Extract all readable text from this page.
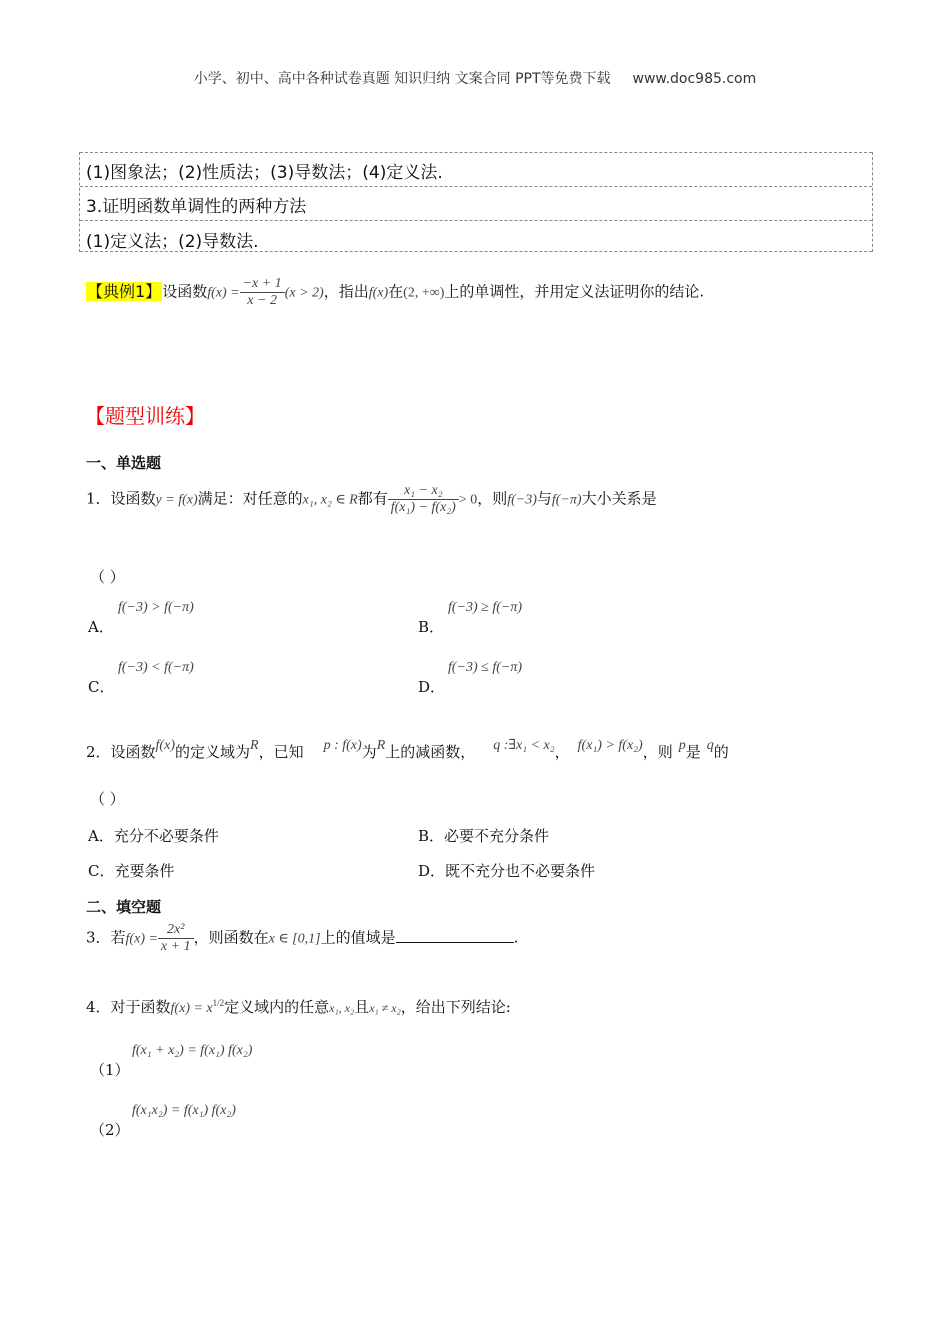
小学、初中、高中各种试卷真题 知识归纳 文案合同 PPT等免费下载 www.doc985.com
(1)图象法；(2)性质法；(3)导数法；(4)定义法.
3.证明函数单调性的两种方法
(1)定义法；(2)导数法.
【典例1】设函数$f(x) = \frac{-x + 1}{x - 2} (x > 2)$，指出f(x)在(2, +∞)上的单调性，并用定义法证明你的结论.
【题型训练】
一、单选题
1．设函数y = f(x)满足：对任意的x₁, x₂ ∈ R都有 $\frac{\text{x₁ − x₂}}{\text{f(x₁) − f(x₂)}} > 0$，则f(−3)与f(−π)大小关系是
（ ）
f(−3) > f(−π)
A．
f(−3) ≥ f(−π)
B．
f(−3) < f(−π)
C．
f(−3) ≤ f(−π)
D．
2．设函数f(x)的定义域为R，已知 p : f(x)为R上的减函数， q :∃x₁ < x₂， f(x₁) > f(x₂)，则 p是 q的
（ ）
A．充分不必要条件	B．必要不充分条件
C．充要条件	D．既不充分也不必要条件
二、填空题
3．若$f(x) = \frac{\text{2x²}}{x + 1}$ ，则函数在x ∈ [0,1]上的值域是	.
4．对于函数$f(x) = x^{1/2}$定义域内的任意x₁, x₂且x₁ ≠ x₂，给出下列结论:
f(x₁ + x₂) = f(x₁) f(x₂)
（1）
f(x₁x₂) = f(x₁) f(x₂)
（2）
